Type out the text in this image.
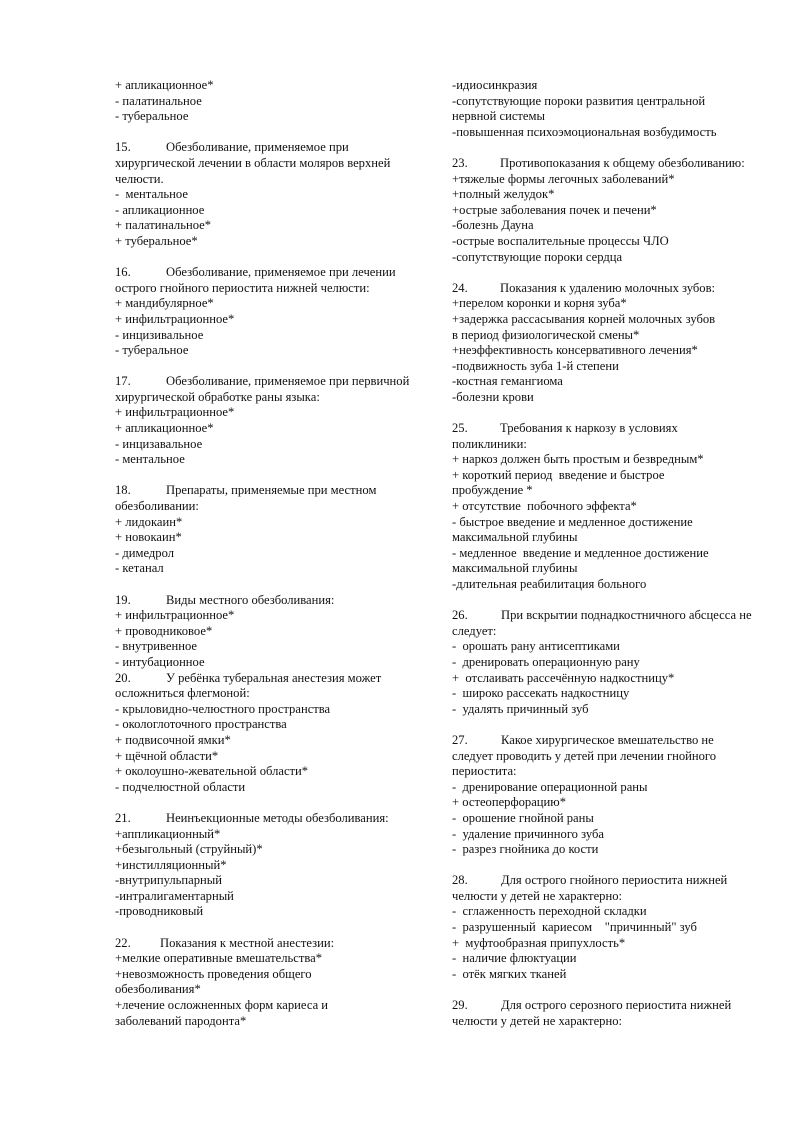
+ апликационное*
- палатинальное
- туберальное
15.	Обезболивание, применяемое при хирургической лечении в области моляров верхней челюсти.
-  ментальное
- апликационное
+ палатинальное*
+ туберальное*
16.	Обезболивание, применяемое при лечении острого гнойного периостита нижней челюсти:
+ мандибулярное*
+ инфильтрационное*
- инцизивальное
- туберальное
17.	Обезболивание, применяемое при первичной хирургической обработке раны языка:
+ инфильтрационное*
+ апликационное*
- инцизавальное
- ментальное
18.	Препараты, применяемые при местном обезболивании:
+ лидокаин*
+ новокаин*
- димедрол
- кетанал
19.	Виды местного обезболивания:
+ инфильтрационное*
+ проводниковое*
- внутривенное
- интубационное
20.	У ребёнка туберальная анестезия может осложниться флегмоной:
- крыловидно-челюстного пространства
- окологлоточного пространства
+ подвисочной ямки*
+ щёчной области*
+ околоушно-жевательной области*
- подчелюстной области
21.	Неинъекционные методы обезболивания:
+аппликационный*
+безыгольный (струйный)*
+инстилляционный*
-внутрипульпарный
-интралигаментарный
-проводниковый
22. Показания к местной анестезии:
+мелкие оперативные вмешательства*
+невозможность проведения общего
обезболивания*
+лечение осложненных форм кариеса и
заболеваний пародонта*
-идиосинкразия
-сопутствующие пороки развития центральной
нервной системы
-повышенная психоэмоциональная возбудимость
23.	Противопоказания к общему обезболиванию:
+тяжелые формы легочных заболеваний*
+полный желудок*
+острые заболевания почек и печени*
-болезнь Дауна
-острые воспалительные процессы ЧЛО
-сопутствующие пороки сердца
24.	Показания к удалению молочных зубов:
+перелом коронки и корня зуба*
+задержка рассасывания корней молочных зубов
в период физиологической смены*
+неэффективность консервативного лечения*
-подвижность зуба 1-й степени
-костная гемангиома
-болезни крови
25.	Требования к наркозу в условиях поликлиники:
+ наркоз должен быть простым и безвредным*
+ короткий период  введение и быстрое
пробуждение *
+ отсутствие  побочного эффекта*
- быстрое введение и медленное достижение
максимальной глубины
- медленное  введение и медленное достижение
максимальной глубины
-длительная реабилитация больного
26.	При вскрытии поднадкостничного абсцесса не следует:
-  орошать рану антисептиками
-  дренировать операционную рану
+  отслаивать рассечённую надкостницу*
-  широко рассекать надкостницу
-  удалять причинный зуб
27.	Какое хирургическое вмешательство не следует проводить у детей при лечении гнойного периостита:
-  дренирование операционной раны
+ остеоперфорацию*
-  орошение гнойной раны
-  удаление причинного зуба
-  разрез гнойника до кости
28.	Для острого гнойного периостита нижней челюсти у детей не характерно:
-  сглаженность переходной складки
-  разрушенный  кариесом    "причинный" зуб
+  муфтообразная припухлость*
-  наличие флюктуации
-  отёк мягких тканей
29.	Для острого серозного периостита нижней челюсти у детей не характерно:
